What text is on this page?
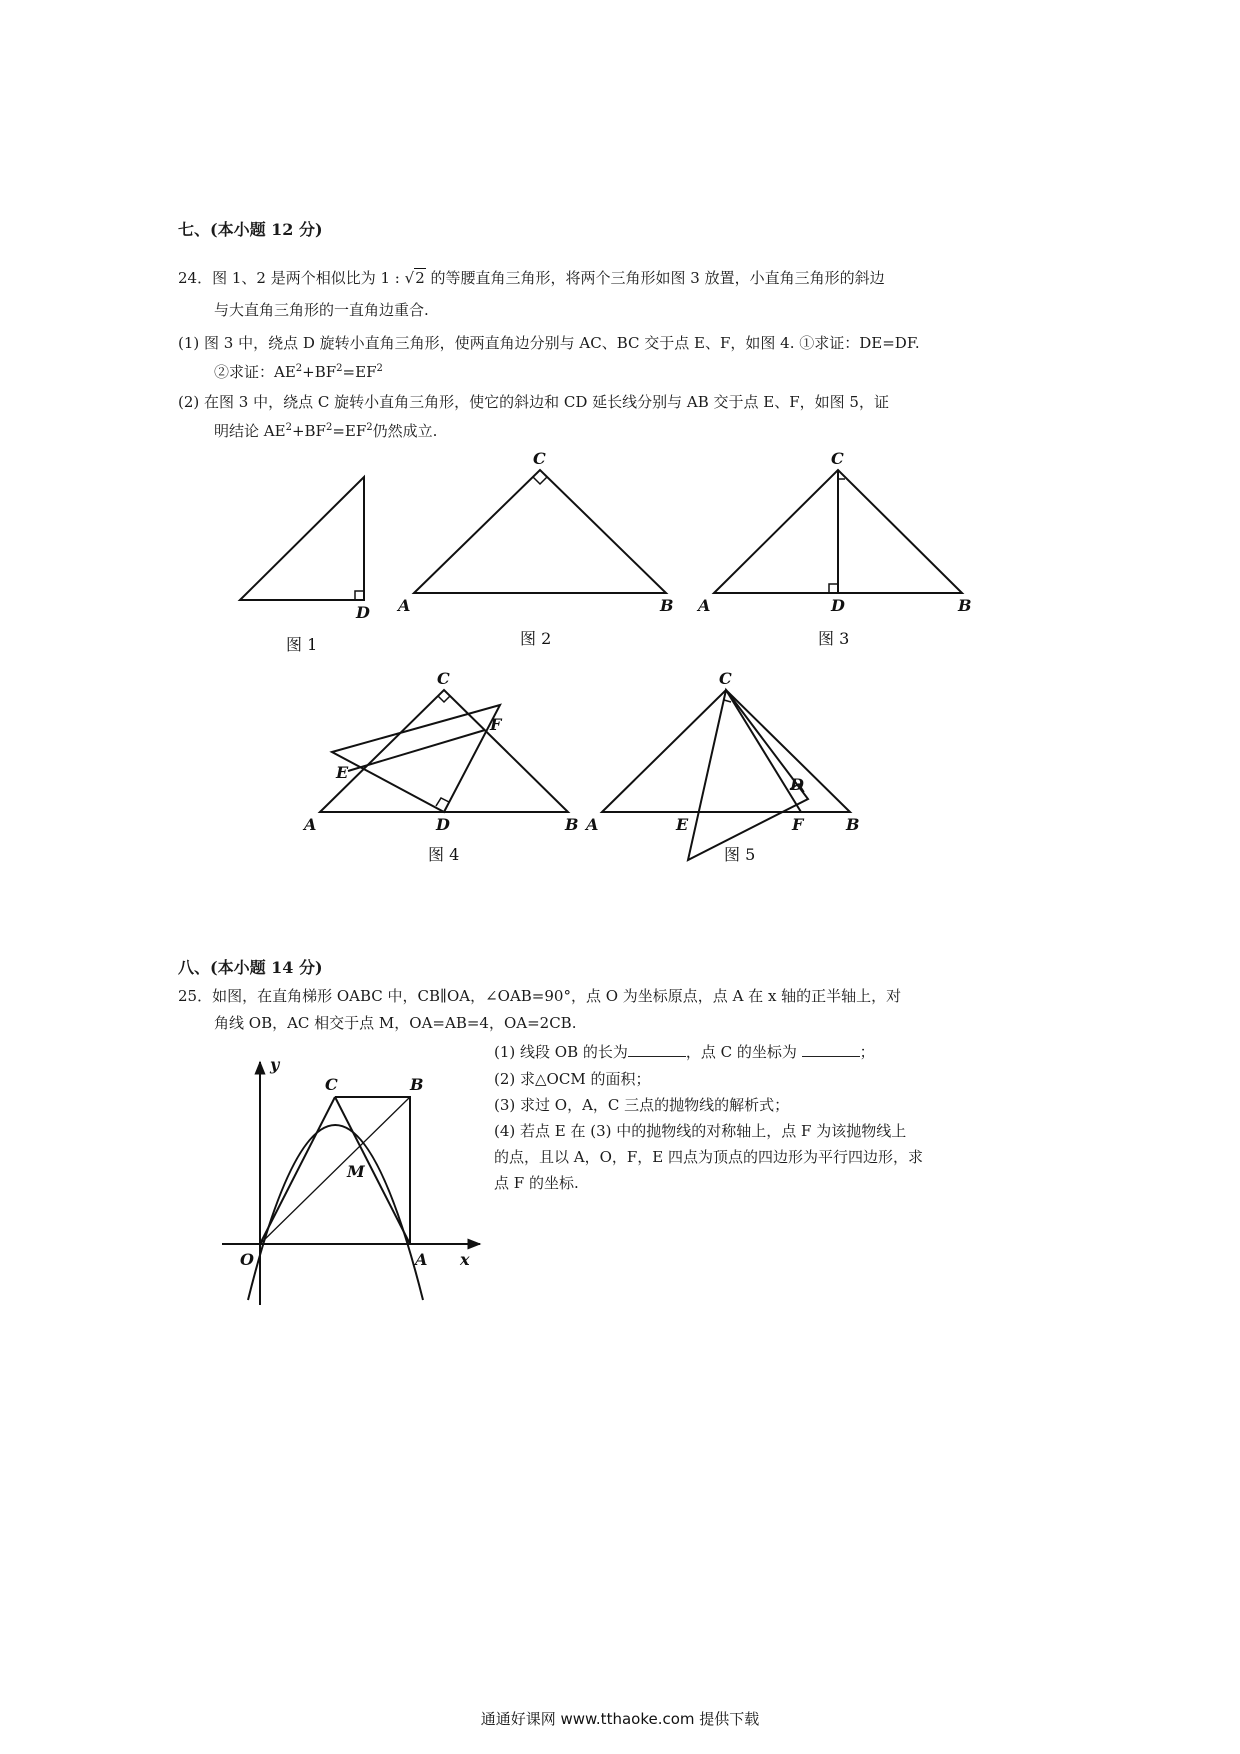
七、(本小题 12 分)
24．图 1、2 是两个相似比为 1 : √2 的等腰直角三角形，将两个三角形如图 3 放置，小直角三角形的斜边
与大直角三角形的一直角边重合.
(1) 图 3 中，绕点 D 旋转小直角三角形，使两直角边分别与 AC、BC 交于点 E、F，如图 4. ①求证：DE=DF.
②求证：$AE^2+BF^2=EF^2$
(2) 在图 3 中，绕点 C 旋转小直角三角形，使它的斜边和 CD 延长线分别与 AB 交于点 E、F，如图 5，证
明结论 $AE^2+BF^2=EF^2$仍然成立.
D
C
A	B
C
A	D	B
C
E
F
A	D	B
C
D
A	E	F	B
图 1	图 2	图 3
图 4	图 5
八、(本小题 14 分)
25．如图，在直角梯形 OABC 中，CB∥OA，∠OAB=90°，点 O 为坐标原点，点 A 在 x 轴的正半轴上，对
角线 OB，AC 相交于点 M，OA=AB=4，OA=2CB.
(1) 线段 OB 的长为	，点 C 的坐标为	；
(2) 求△OCM 的面积；
(3) 求过 O，A，C 三点的抛物线的解析式；
(4) 若点 E 在 (3) 中的抛物线的对称轴上，点 F 为该抛物线上
的点，且以 A，O，F，E 四点为顶点的四边形为平行四边形，求
点 F 的坐标.
y
x
O	A
B
C
M
通通好课网 www.tthaoke.com 提供下载
